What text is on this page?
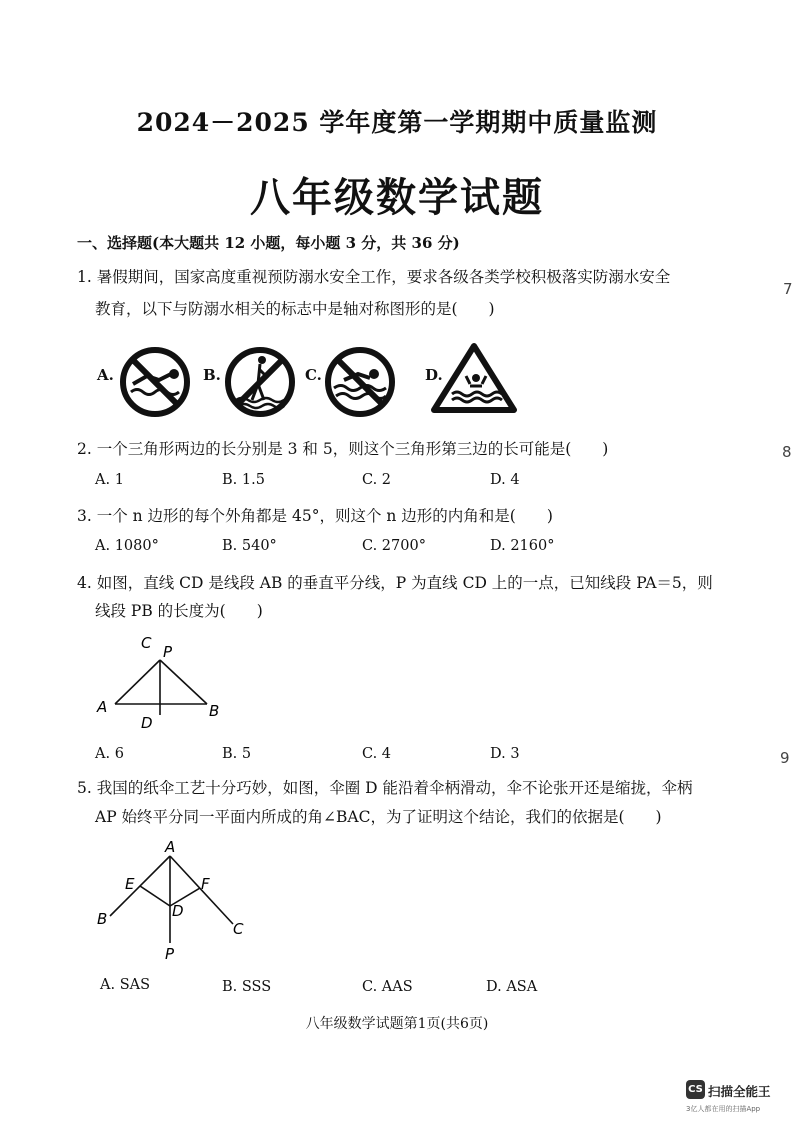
2024－2025 学年度第一学期期中质量监测
八年级数学试题
一、选择题(本大题共 12 小题，每小题 3 分，共 36 分)
1. 暑假期间，国家高度重视预防溺水安全工作，要求各级各类学校积极落实防溺水安全
教育，以下与防溺水相关的标志中是轴对称图形的是(　　)
A.	B.	C.	D.
2. 一个三角形两边的长分别是 3 和 5，则这个三角形第三边的长可能是(　　)
A. 1	B. 1.5	C. 2	D. 4
3. 一个 n 边形的每个外角都是 45°，则这个 n 边形的内角和是(　　)
A. 1080°	B. 540°	C. 2700°	D. 2160°
4. 如图，直线 CD 是线段 AB 的垂直平分线，P 为直线 CD 上的一点，已知线段 PA＝5，则
线段 PB 的长度为(　　)
C P
A	B
D
A. 6	B. 5	C. 4	D. 3
5. 我国的纸伞工艺十分巧妙，如图，伞圈 D 能沿着伞柄滑动，伞不论张开还是缩拢，伞柄
AP 始终平分同一平面内所成的角∠BAC，为了证明这个结论，我们的依据是(　　)
A
E	F
D
B
C
P
A. SAS	B. SSS	C. AAS	D. ASA
八年级数学试题第1页(共6页)
7
8
9
CS 扫描全能王
3亿人都在用的扫描App
